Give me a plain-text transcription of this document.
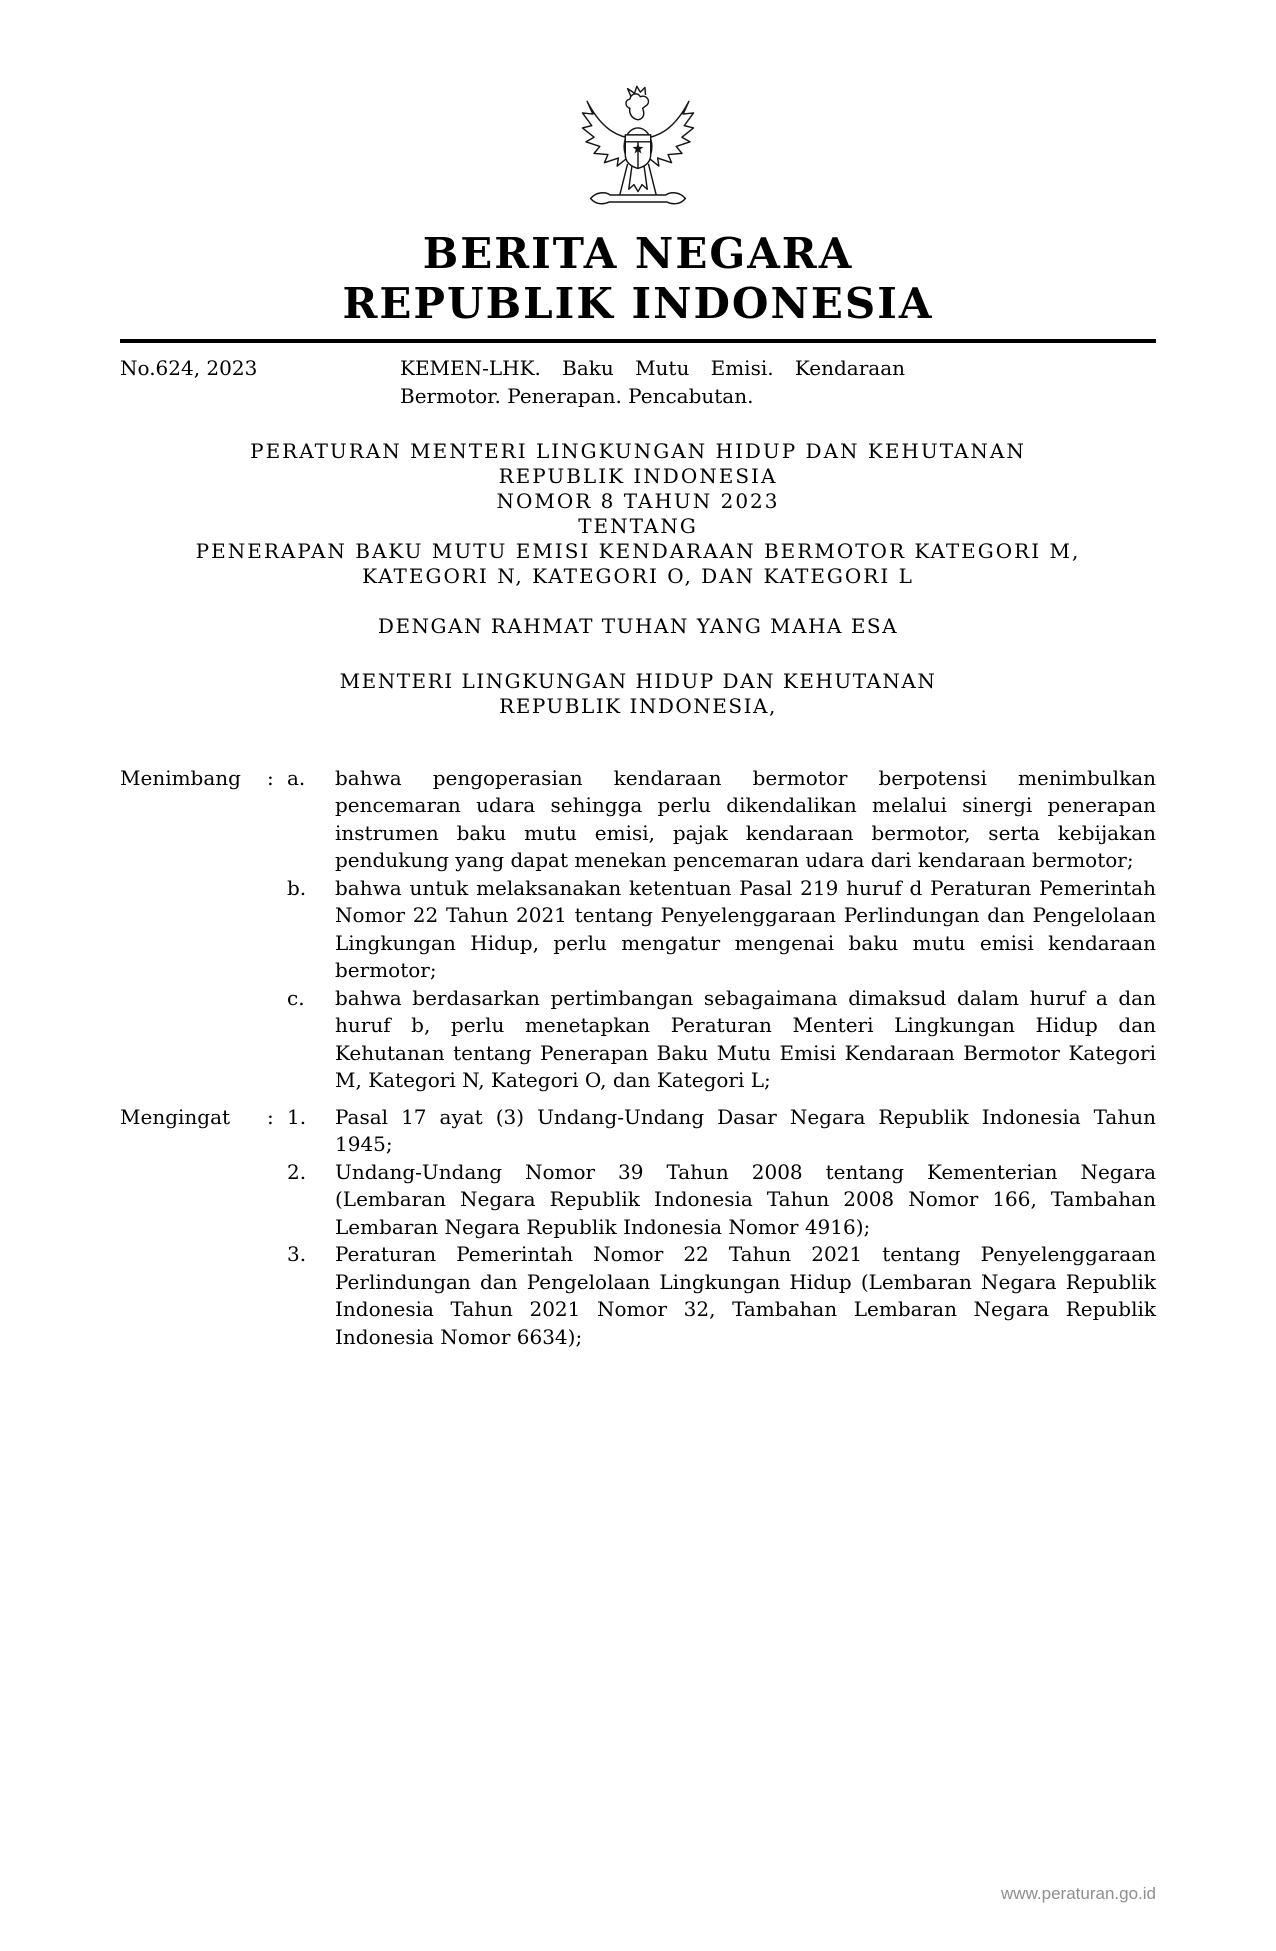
BERITA NEGARA
REPUBLIK INDONESIA
No.624, 2023	KEMEN-LHK. Baku Mutu Emisi. Kendaraan
Bermotor. Penerapan. Pencabutan.
PERATURAN MENTERI LINGKUNGAN HIDUP DAN KEHUTANAN
REPUBLIK INDONESIA
NOMOR 8 TAHUN 2023
TENTANG
PENERAPAN BAKU MUTU EMISI KENDARAAN BERMOTOR KATEGORI M,
KATEGORI N, KATEGORI O, DAN KATEGORI L
DENGAN RAHMAT TUHAN YANG MAHA ESA
MENTERI LINGKUNGAN HIDUP DAN KEHUTANAN
REPUBLIK INDONESIA,
Menimbang	: a.	bahwa pengoperasian kendaraan bermotor berpotensi menimbulkan pencemaran udara sehingga perlu dikendalikan melalui sinergi penerapan instrumen baku mutu emisi, pajak kendaraan bermotor, serta kebijakan pendukung yang dapat menekan pencemaran udara dari kendaraan bermotor;
b.	bahwa untuk melaksanakan ketentuan Pasal 219 huruf d Peraturan Pemerintah Nomor 22 Tahun 2021 tentang Penyelenggaraan Perlindungan dan Pengelolaan Lingkungan Hidup, perlu mengatur mengenai baku mutu emisi kendaraan bermotor;
c.	bahwa berdasarkan pertimbangan sebagaimana dimaksud dalam huruf a dan huruf b, perlu menetapkan Peraturan Menteri Lingkungan Hidup dan Kehutanan tentang Penerapan Baku Mutu Emisi Kendaraan Bermotor Kategori M, Kategori N, Kategori O, dan Kategori L;
Mengingat	: 1.	Pasal 17 ayat (3) Undang-Undang Dasar Negara Republik Indonesia Tahun 1945;
2.	Undang-Undang Nomor 39 Tahun 2008 tentang Kementerian Negara (Lembaran Negara Republik Indonesia Tahun 2008 Nomor 166, Tambahan Lembaran Negara Republik Indonesia Nomor 4916);
3.	Peraturan Pemerintah Nomor 22 Tahun 2021 tentang Penyelenggaraan Perlindungan dan Pengelolaan Lingkungan Hidup (Lembaran Negara Republik Indonesia Tahun 2021 Nomor 32, Tambahan Lembaran Negara Republik Indonesia Nomor 6634);
www.peraturan.go.id
